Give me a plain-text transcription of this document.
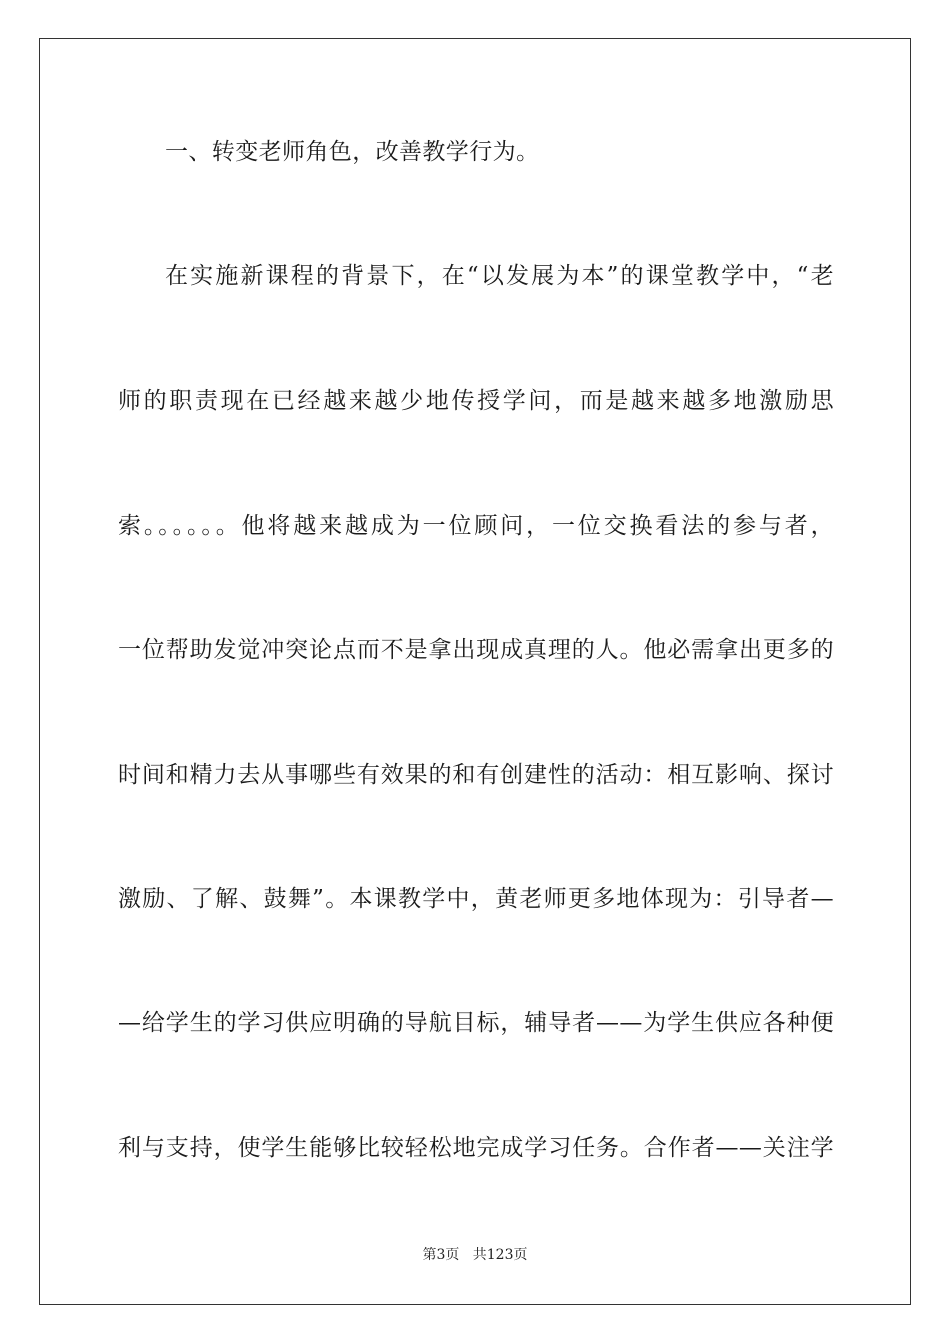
一、转变老师角色，改善教学行为。
在实施新课程的背景下，在“以发展为本”的课堂教学中，“老
师的职责现在已经越来越少地传授学问，而是越来越多地激励思
索。。。。。。他将越来越成为一位顾问，一位交换看法的参与者，
一位帮助发觉冲突论点而不是拿出现成真理的人。他必需拿出更多的
时间和精力去从事哪些有效果的和有创建性的活动：相互影响、探讨
激励、了解、鼓舞”。本课教学中，黄老师更多地体现为：引导者—
—给学生的学习供应明确的导航目标，辅导者——为学生供应各种便
利与支持，使学生能够比较轻松地完成学习任务。合作者——关注学
第3页 共123页
